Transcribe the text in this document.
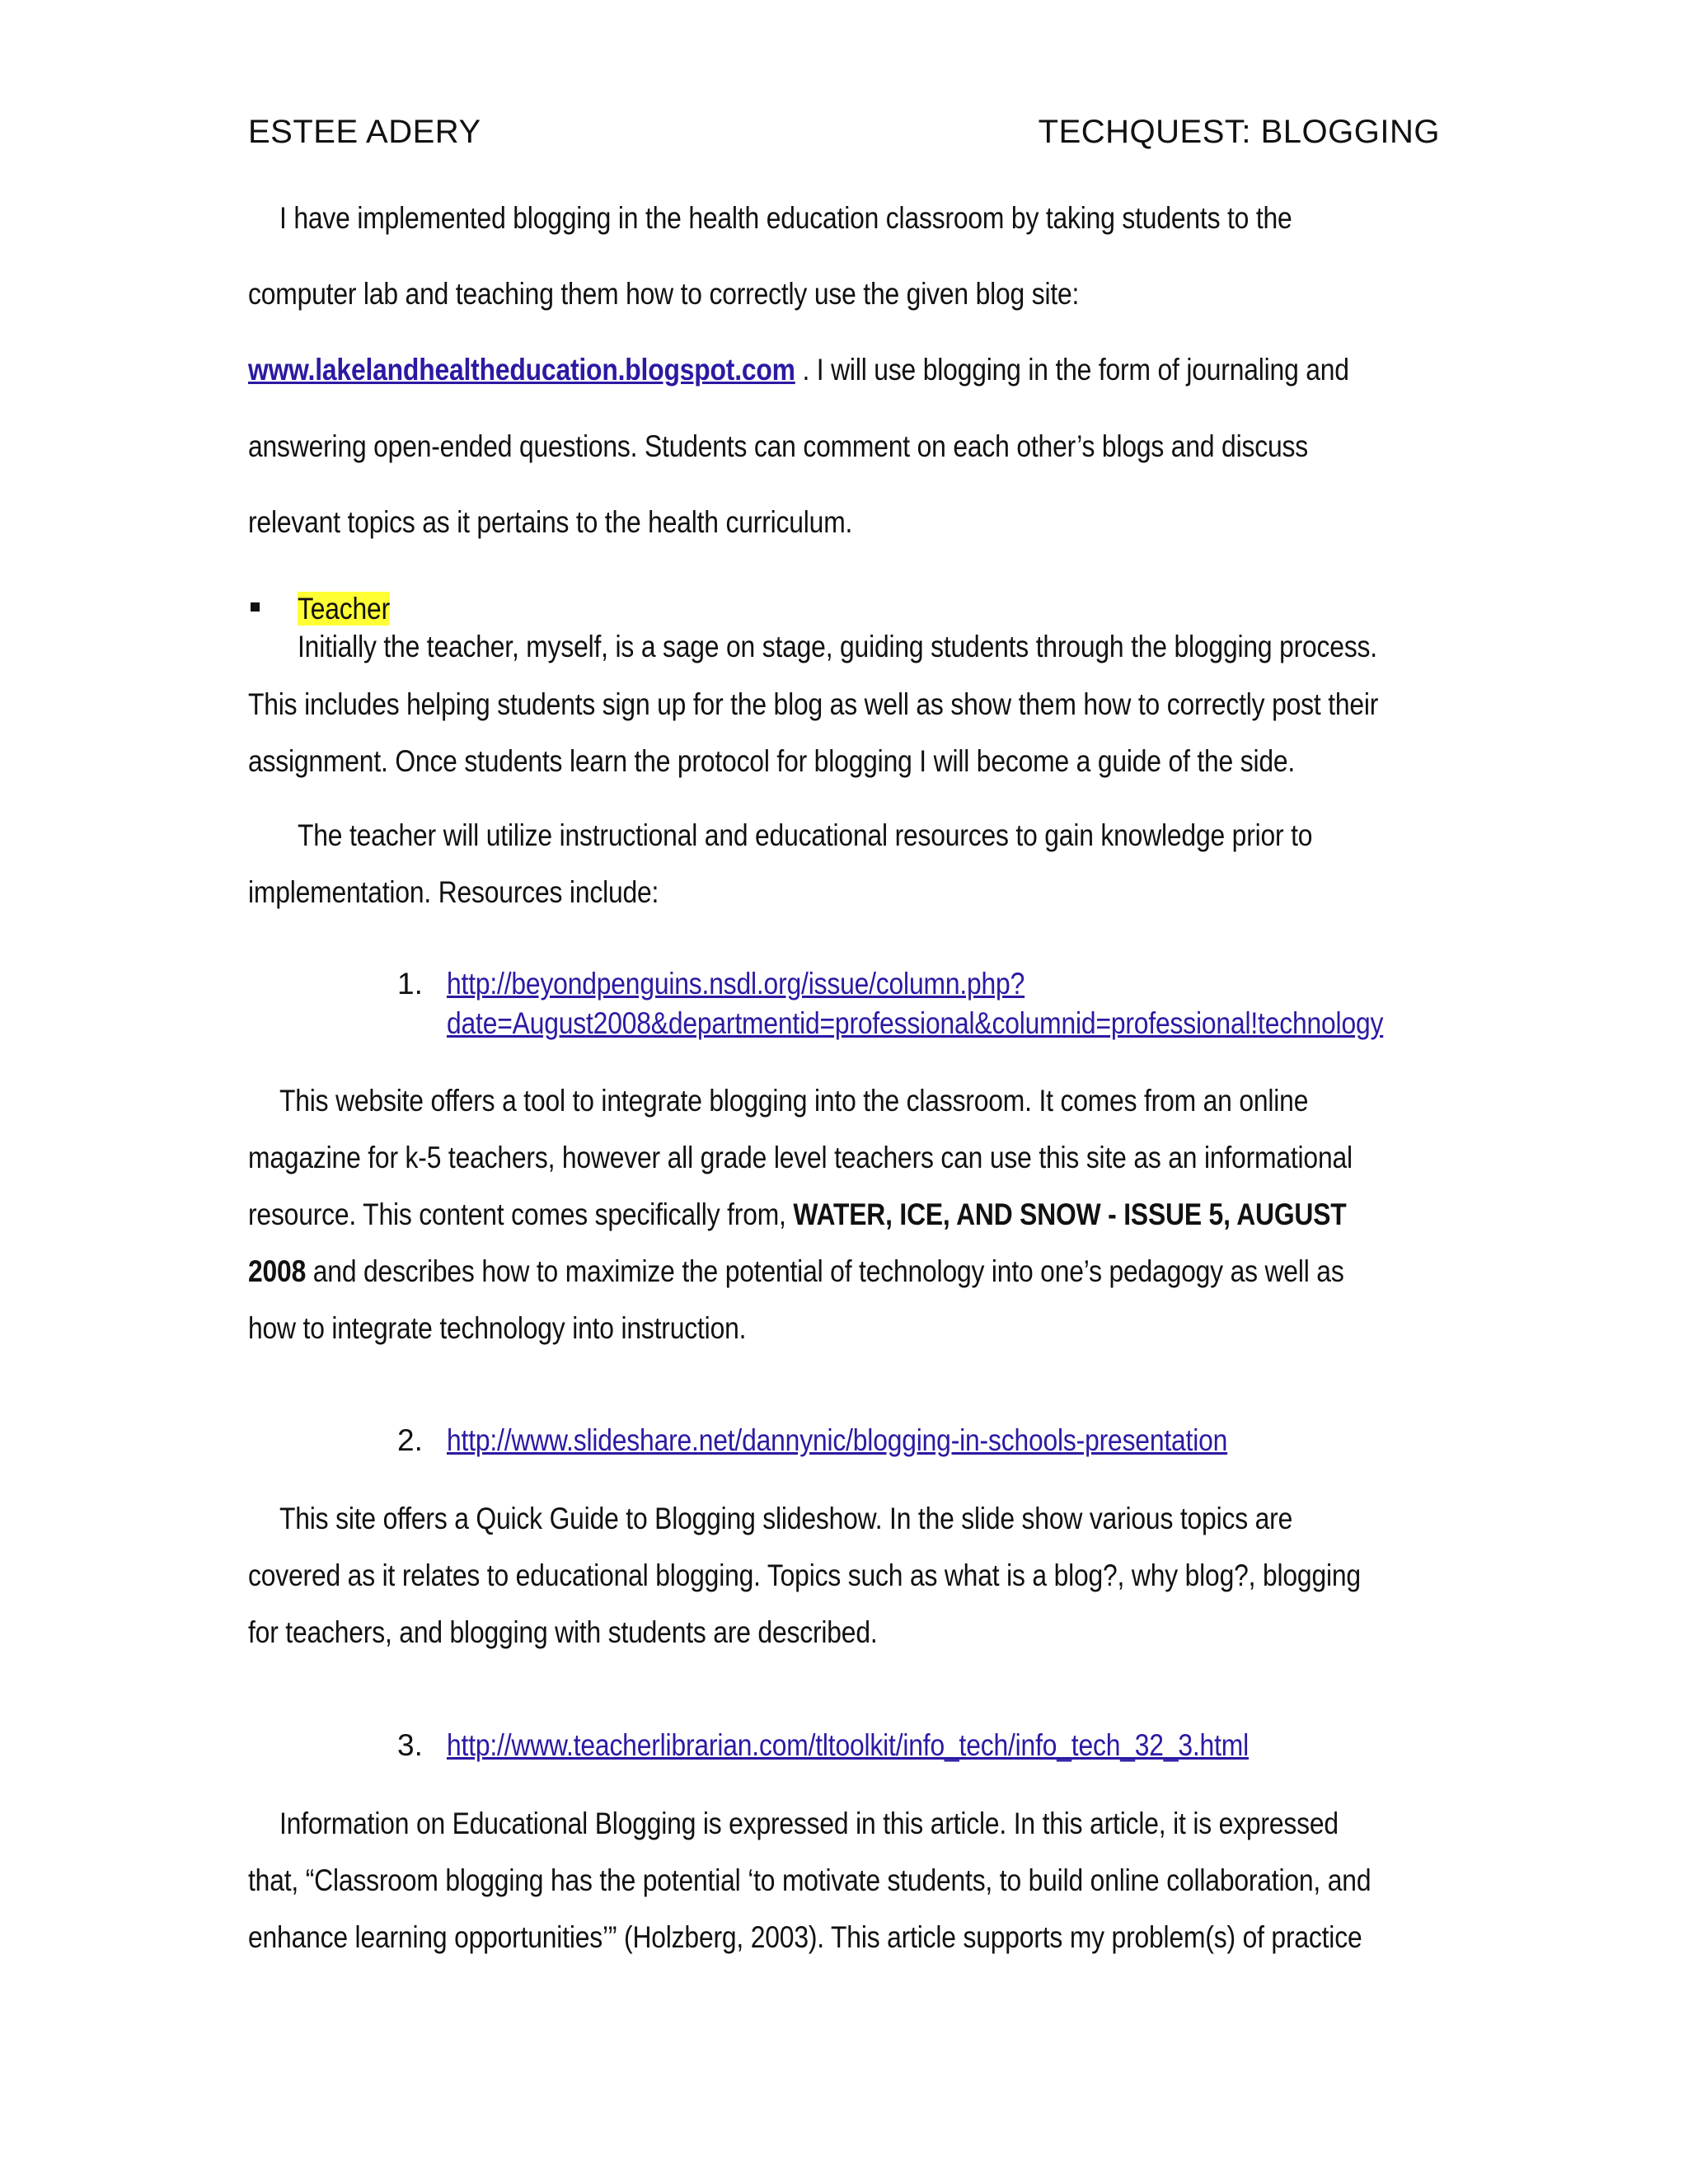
ESTEE ADERY	TECHQUEST: BLOGGING
I have implemented blogging in the health education classroom by taking students to the
computer lab and teaching them how to correctly use the given blog site:
www.lakelandhealtheducation.blogspot.com . I will use blogging in the form of journaling and
answering open-ended questions. Students can comment on each other’s blogs and discuss
relevant topics as it pertains to the health curriculum.
Teacher
Initially the teacher, myself, is a sage on stage, guiding students through the blogging process.
This includes helping students sign up for the blog as well as show them how to correctly post their
assignment. Once students learn the protocol for blogging I will become a guide of the side.
The teacher will utilize instructional and educational resources to gain knowledge prior to
implementation. Resources include:
1. http://beyondpenguins.nsdl.org/issue/column.php?
date=August2008&departmentid=professional&columnid=professional!technology
This website offers a tool to integrate blogging into the classroom. It comes from an online
magazine for k-5 teachers, however all grade level teachers can use this site as an informational
resource. This content comes specifically from, WATER, ICE, AND SNOW - ISSUE 5, AUGUST
2008 and describes how to maximize the potential of technology into one’s pedagogy as well as
how to integrate technology into instruction.
2. http://www.slideshare.net/dannynic/blogging-in-schools-presentation
This site offers a Quick Guide to Blogging slideshow. In the slide show various topics are
covered as it relates to educational blogging. Topics such as what is a blog?, why blog?, blogging
for teachers, and blogging with students are described.
3. http://www.teacherlibrarian.com/tltoolkit/info_tech/info_tech_32_3.html
Information on Educational Blogging is expressed in this article. In this article, it is expressed
that, “Classroom blogging has the potential ‘to motivate students, to build online collaboration, and
enhance learning opportunities’” (Holzberg, 2003). This article supports my problem(s) of practice
